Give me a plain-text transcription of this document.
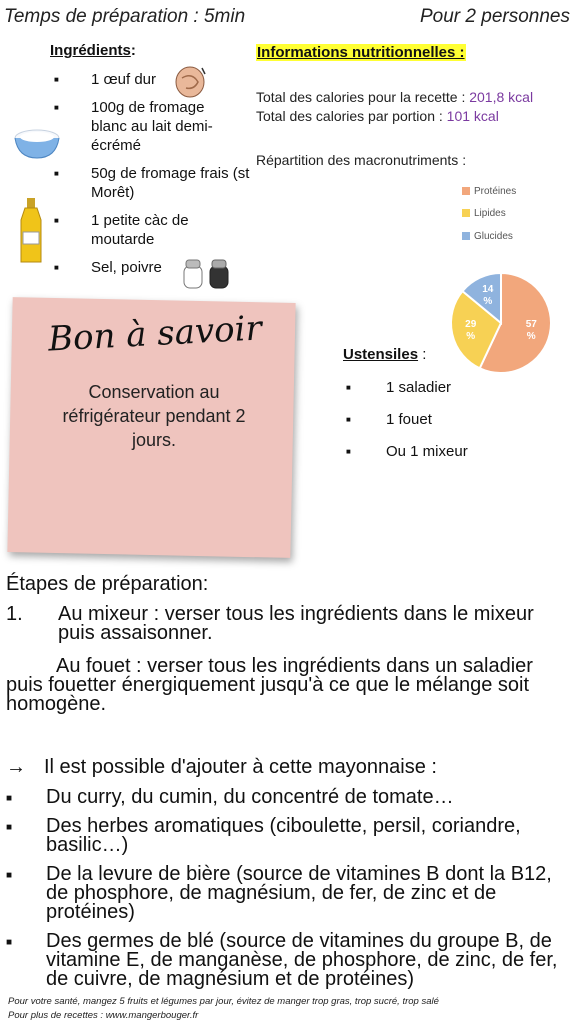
Temps de préparation : 5min	Pour 2 personnes
Ingrédients:
■ 1 œuf dur
■ 100g de fromage blanc au lait demi-écrémé
■ 50g de fromage frais (st Morêt)
■ 1 petite càc de moutarde
■ Sel, poivre
Informations nutritionnelles :
Total des calories pour la recette : 201,8 kcal
Total des calories par portion : 101 kcal
Répartition des macronutriments :
Protéines
Lipides
Glucides
57 %
29 %
14 %
Bon à savoir
Conservation au réfrigérateur pendant 2 jours.
Ustensiles :
■ 1 saladier
■ 1 fouet
■ Ou 1 mixeur
Étapes de préparation:
1. Au mixeur : verser tous les ingrédients dans le mixeur puis assaisonner.
Au fouet : verser tous les ingrédients dans un saladier puis fouetter énergiquement jusqu'à ce que le mélange soit homogène.
→ Il est possible d'ajouter à cette mayonnaise :
■ Du curry, du cumin, du concentré de tomate…
■ Des herbes aromatiques (ciboulette, persil, coriandre, basilic…)
■ De la levure de bière (source de vitamines B dont la B12, de phosphore, de magnésium, de fer, de zinc et de protéines)
■ Des germes de blé (source de vitamines du groupe B, de vitamine E, de manganèse, de phosphore, de zinc, de fer, de cuivre, de magnésium et de protéines)
Pour votre santé, mangez 5 fruits et légumes par jour, évitez de manger trop gras, trop sucré, trop salé
Pour plus de recettes : www.mangerbouger.fr
